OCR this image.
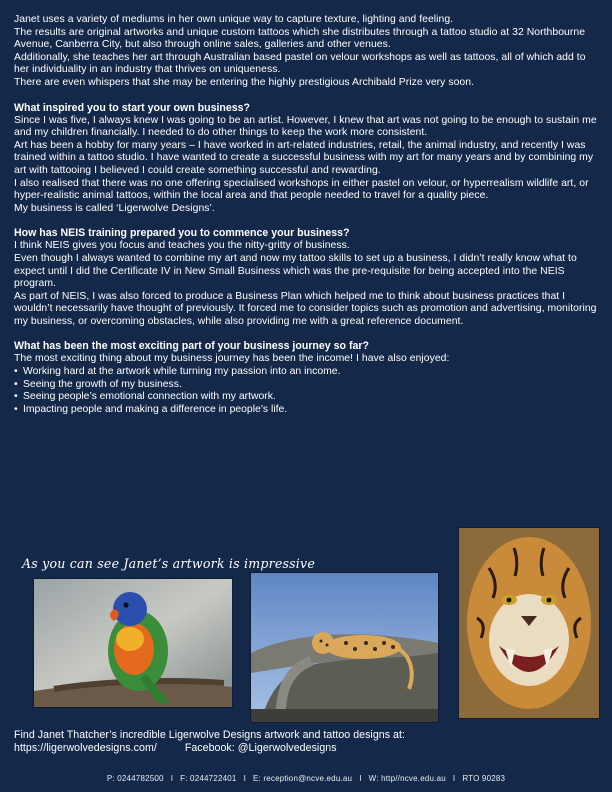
Janet uses a variety of mediums in her own unique way to capture texture, lighting and feeling.

The results are original artworks and unique custom tattoos which she distributes through a tattoo studio at 32 Northbourne Avenue, Canberra City, but also through online sales, galleries and other venues.

Additionally, she teaches her art through Australian based pastel on velour workshops as well as tattoos, all of which add to her individuality in an industry that thrives on uniqueness.

There are even whispers that she may be entering the highly prestigious Archibald Prize very soon.

What inspired you to start your own business?

Since I was five, I always knew I was going to be an artist. However, I knew that art was not going to be enough to sustain me and my children financially. I needed to do other things to keep the work more consistent.

Art has been a hobby for many years – I have worked in art-related industries, retail, the animal industry, and recently I was trained within a tattoo studio. I have wanted to create a successful business with my art for many years and by combining my art with tattooing I believed I could create something successful and rewarding.

I also realised that there was no one offering specialised workshops in either pastel on velour, or hyperrealism wildlife art, or hyper-realistic animal tattoos, within the local area and that people needed to travel for a quality piece.

My business is called ‘Ligerwolve Designs’.

How has NEIS training prepared you to commence your business?

I think NEIS gives you focus and teaches you the nitty-gritty of business.

Even though I always wanted to combine my art and now my tattoo skills to set up a business, I didn’t really know what to expect until I did the Certificate IV in New Small Business which was the pre-requisite for being accepted into the NEIS program.

As part of NEIS, I was also forced to produce a Business Plan which helped me to think about business practices that I wouldn’t necessarily have thought of previously. It forced me to consider topics such as promotion and advertising, monitoring my business, or overcoming obstacles, while also providing me with a great reference document.

What has been the most exciting part of your business journey so far?

The most exciting thing about my business journey has been the income! I have also enjoyed:

• Working hard at the artwork while turning my passion into an income.
• Seeing the growth of my business.
• Seeing people’s emotional connection with my artwork.
• Impacting people and making a difference in people’s life.
As you can see Janet’s artwork is impressive

Find Janet Thatcher’s incredible Ligerwolve Designs artwork and tattoo designs at:

https://ligerwolvedesigns.com/	Facebook: @Ligerwolvedesigns

P: 0244782500 I F: 0244722401 I E: reception@ncve.edu.au I W: http//ncve.edu.au I RTO 90283
